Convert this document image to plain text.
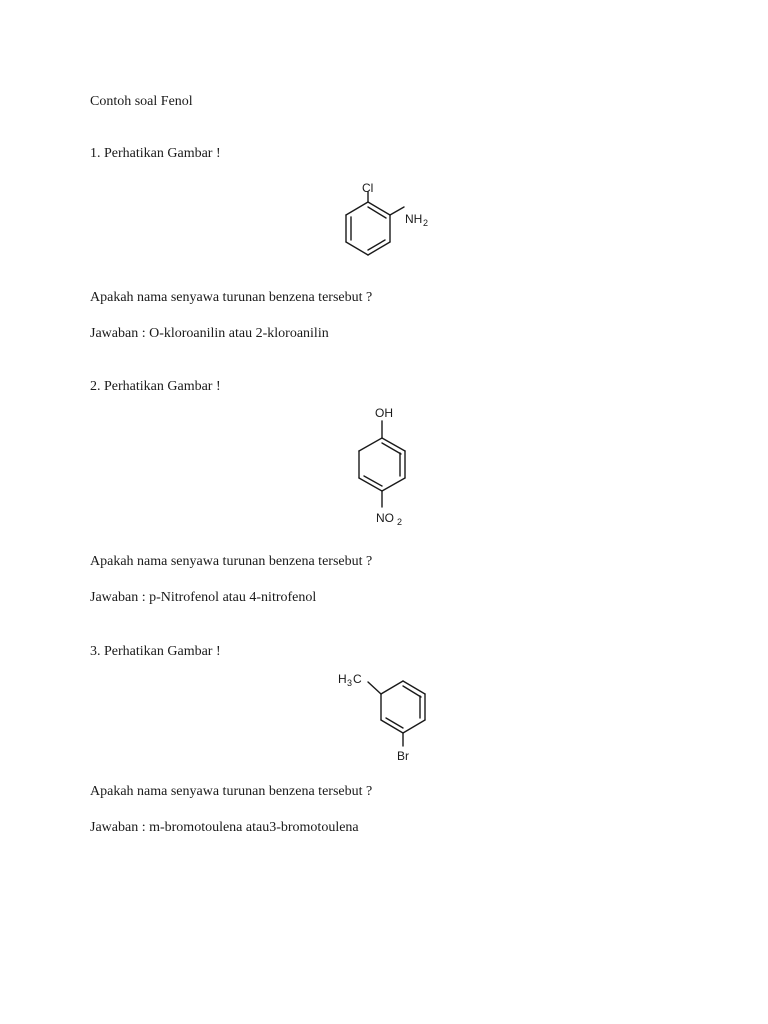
Contoh soal Fenol
1. Perhatikan Gambar !
Cl
NH 2
Apakah nama senyawa turunan benzena tersebut ?
Jawaban : O-kloroanilin atau 2-kloroanilin
2. Perhatikan Gambar !
OH
NO 2
Apakah nama senyawa turunan benzena tersebut ?
Jawaban : p-Nitrofenol atau 4-nitrofenol
3. Perhatikan Gambar !
H 3 C
Br
Apakah nama senyawa turunan benzena tersebut ?
Jawaban : m-bromotoulena atau3-bromotoulena
